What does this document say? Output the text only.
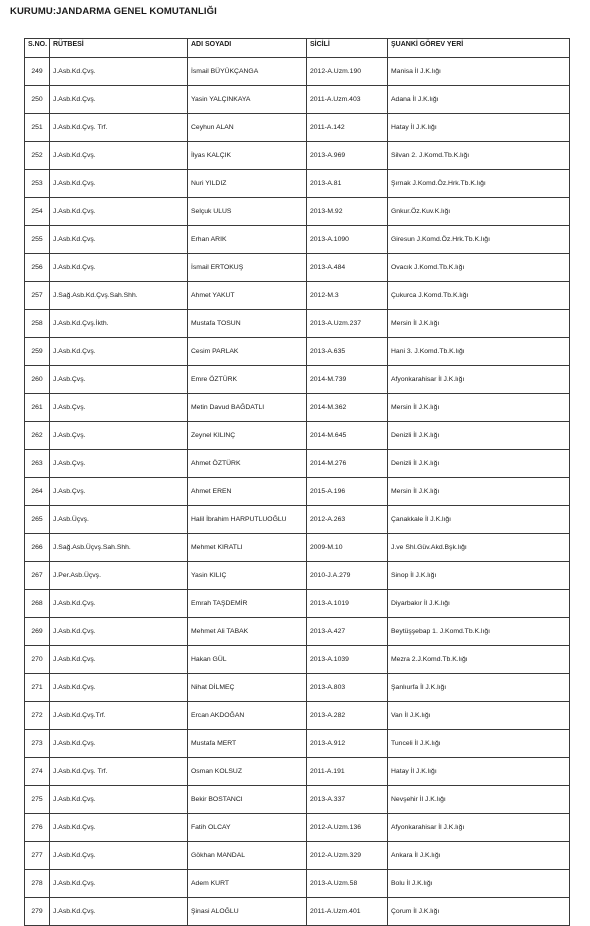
KURUMU:JANDARMA GENEL KOMUTANLIĞI
S.NO.	RÜTBESİ	ADI SOYADI	SİCİLİ	ŞUANKİ GÖREV YERİ
249	J.Asb.Kd.Çvş.	İsmail BÜYÜKÇANGA	2012-A.Uzm.190	Manisa İl J.K.lığı
250	J.Asb.Kd.Çvş.	Yasin YALÇINKAYA	2011-A.Uzm.403	Adana İl J.K.lığı
251	J.Asb.Kd.Çvş. Trf.	Ceyhun ALAN	2011-A.142	Hatay İl J.K.lığı
252	J.Asb.Kd.Çvş.	İlyas KALÇIK	2013-A.969	Silvan 2. J.Komd.Tb.K.lığı
253	J.Asb.Kd.Çvş.	Nuri YILDIZ	2013-A.81	Şırnak J.Komd.Öz.Hrk.Tb.K.lığı
254	J.Asb.Kd.Çvş.	Selçuk ULUS	2013-M.92	Gnkur.Öz.Kuv.K.lığı
255	J.Asb.Kd.Çvş.	Erhan ARIK	2013-A.1090	Giresun J.Komd.Öz.Hrk.Tb.K.lığı
256	J.Asb.Kd.Çvş.	İsmail ERTOKUŞ	2013-A.484	Ovacık J.Komd.Tb.K.lığı
257	J.Sağ.Asb.Kd.Çvş.Sah.Shh.	Ahmet YAKUT	2012-M.3	Çukurca J.Komd.Tb.K.lığı
258	J.Asb.Kd.Çvş.İkth.	Mustafa TOSUN	2013-A.Uzm.237	Mersin İl J.K.lığı
259	J.Asb.Kd.Çvş.	Cesim PARLAK	2013-A.635	Hani 3. J.Komd.Tb.K.lığı
260	J.Asb.Çvş.	Emre ÖZTÜRK	2014-M.739	Afyonkarahisar İl J.K.lığı
261	J.Asb.Çvş.	Metin Davud BAĞDATLI	2014-M.362	Mersin İl J.K.lığı
262	J.Asb.Çvş.	Zeynel KILINÇ	2014-M.645	Denizli İl J.K.lığı
263	J.Asb.Çvş.	Ahmet ÖZTÜRK	2014-M.276	Denizli İl J.K.lığı
264	J.Asb.Çvş.	Ahmet EREN	2015-A.196	Mersin İl J.K.lığı
265	J.Asb.Üçvş.	Halil İbrahim HARPUTLUOĞLU	2012-A.263	Çanakkale İl J.K.lığı
266	J.Sağ.Asb.Üçvş.Sah.Shh.	Mehmet KIRATLI	2009-M.10	J.ve Shl.Güv.Akd.Bşk.lığı
267	J.Per.Asb.Üçvş.	Yasin KILIÇ	2010-J.A.279	Sinop İl J.K.lığı
268	J.Asb.Kd.Çvş.	Emrah TAŞDEMİR	2013-A.1019	Diyarbakır İl J.K.lığı
269	J.Asb.Kd.Çvş.	Mehmet Ali TABAK	2013-A.427	Beytüşşebap 1. J.Komd.Tb.K.lığı
270	J.Asb.Kd.Çvş.	Hakan GÜL	2013-A.1039	Mezra 2.J.Komd.Tb.K.lığı
271	J.Asb.Kd.Çvş.	Nihat DİLMEÇ	2013-A.803	Şanlıurfa İl J.K.lığı
272	J.Asb.Kd.Çvş.Trf.	Ercan AKDOĞAN	2013-A.282	Van İl J.K.lığı
273	J.Asb.Kd.Çvş.	Mustafa MERT	2013-A.912	Tunceli İl J.K.lığı
274	J.Asb.Kd.Çvş. Trf.	Osman KOLSUZ	2011-A.191	Hatay İl J.K.lığı
275	J.Asb.Kd.Çvş.	Bekir BOSTANCI	2013-A.337	Nevşehir İl J.K.lığı
276	J.Asb.Kd.Çvş.	Fatih OLCAY	2012-A.Uzm.136	Afyonkarahisar İl J.K.lığı
277	J.Asb.Kd.Çvş.	Gökhan MANDAL	2012-A.Uzm.329	Ankara İl J.K.lığı
278	J.Asb.Kd.Çvş.	Adem KURT	2013-A.Uzm.58	Bolu İl J.K.lığı
279	J.Asb.Kd.Çvş.	Şinasi ALOĞLU	2011-A.Uzm.401	Çorum İl J.K.lığı
